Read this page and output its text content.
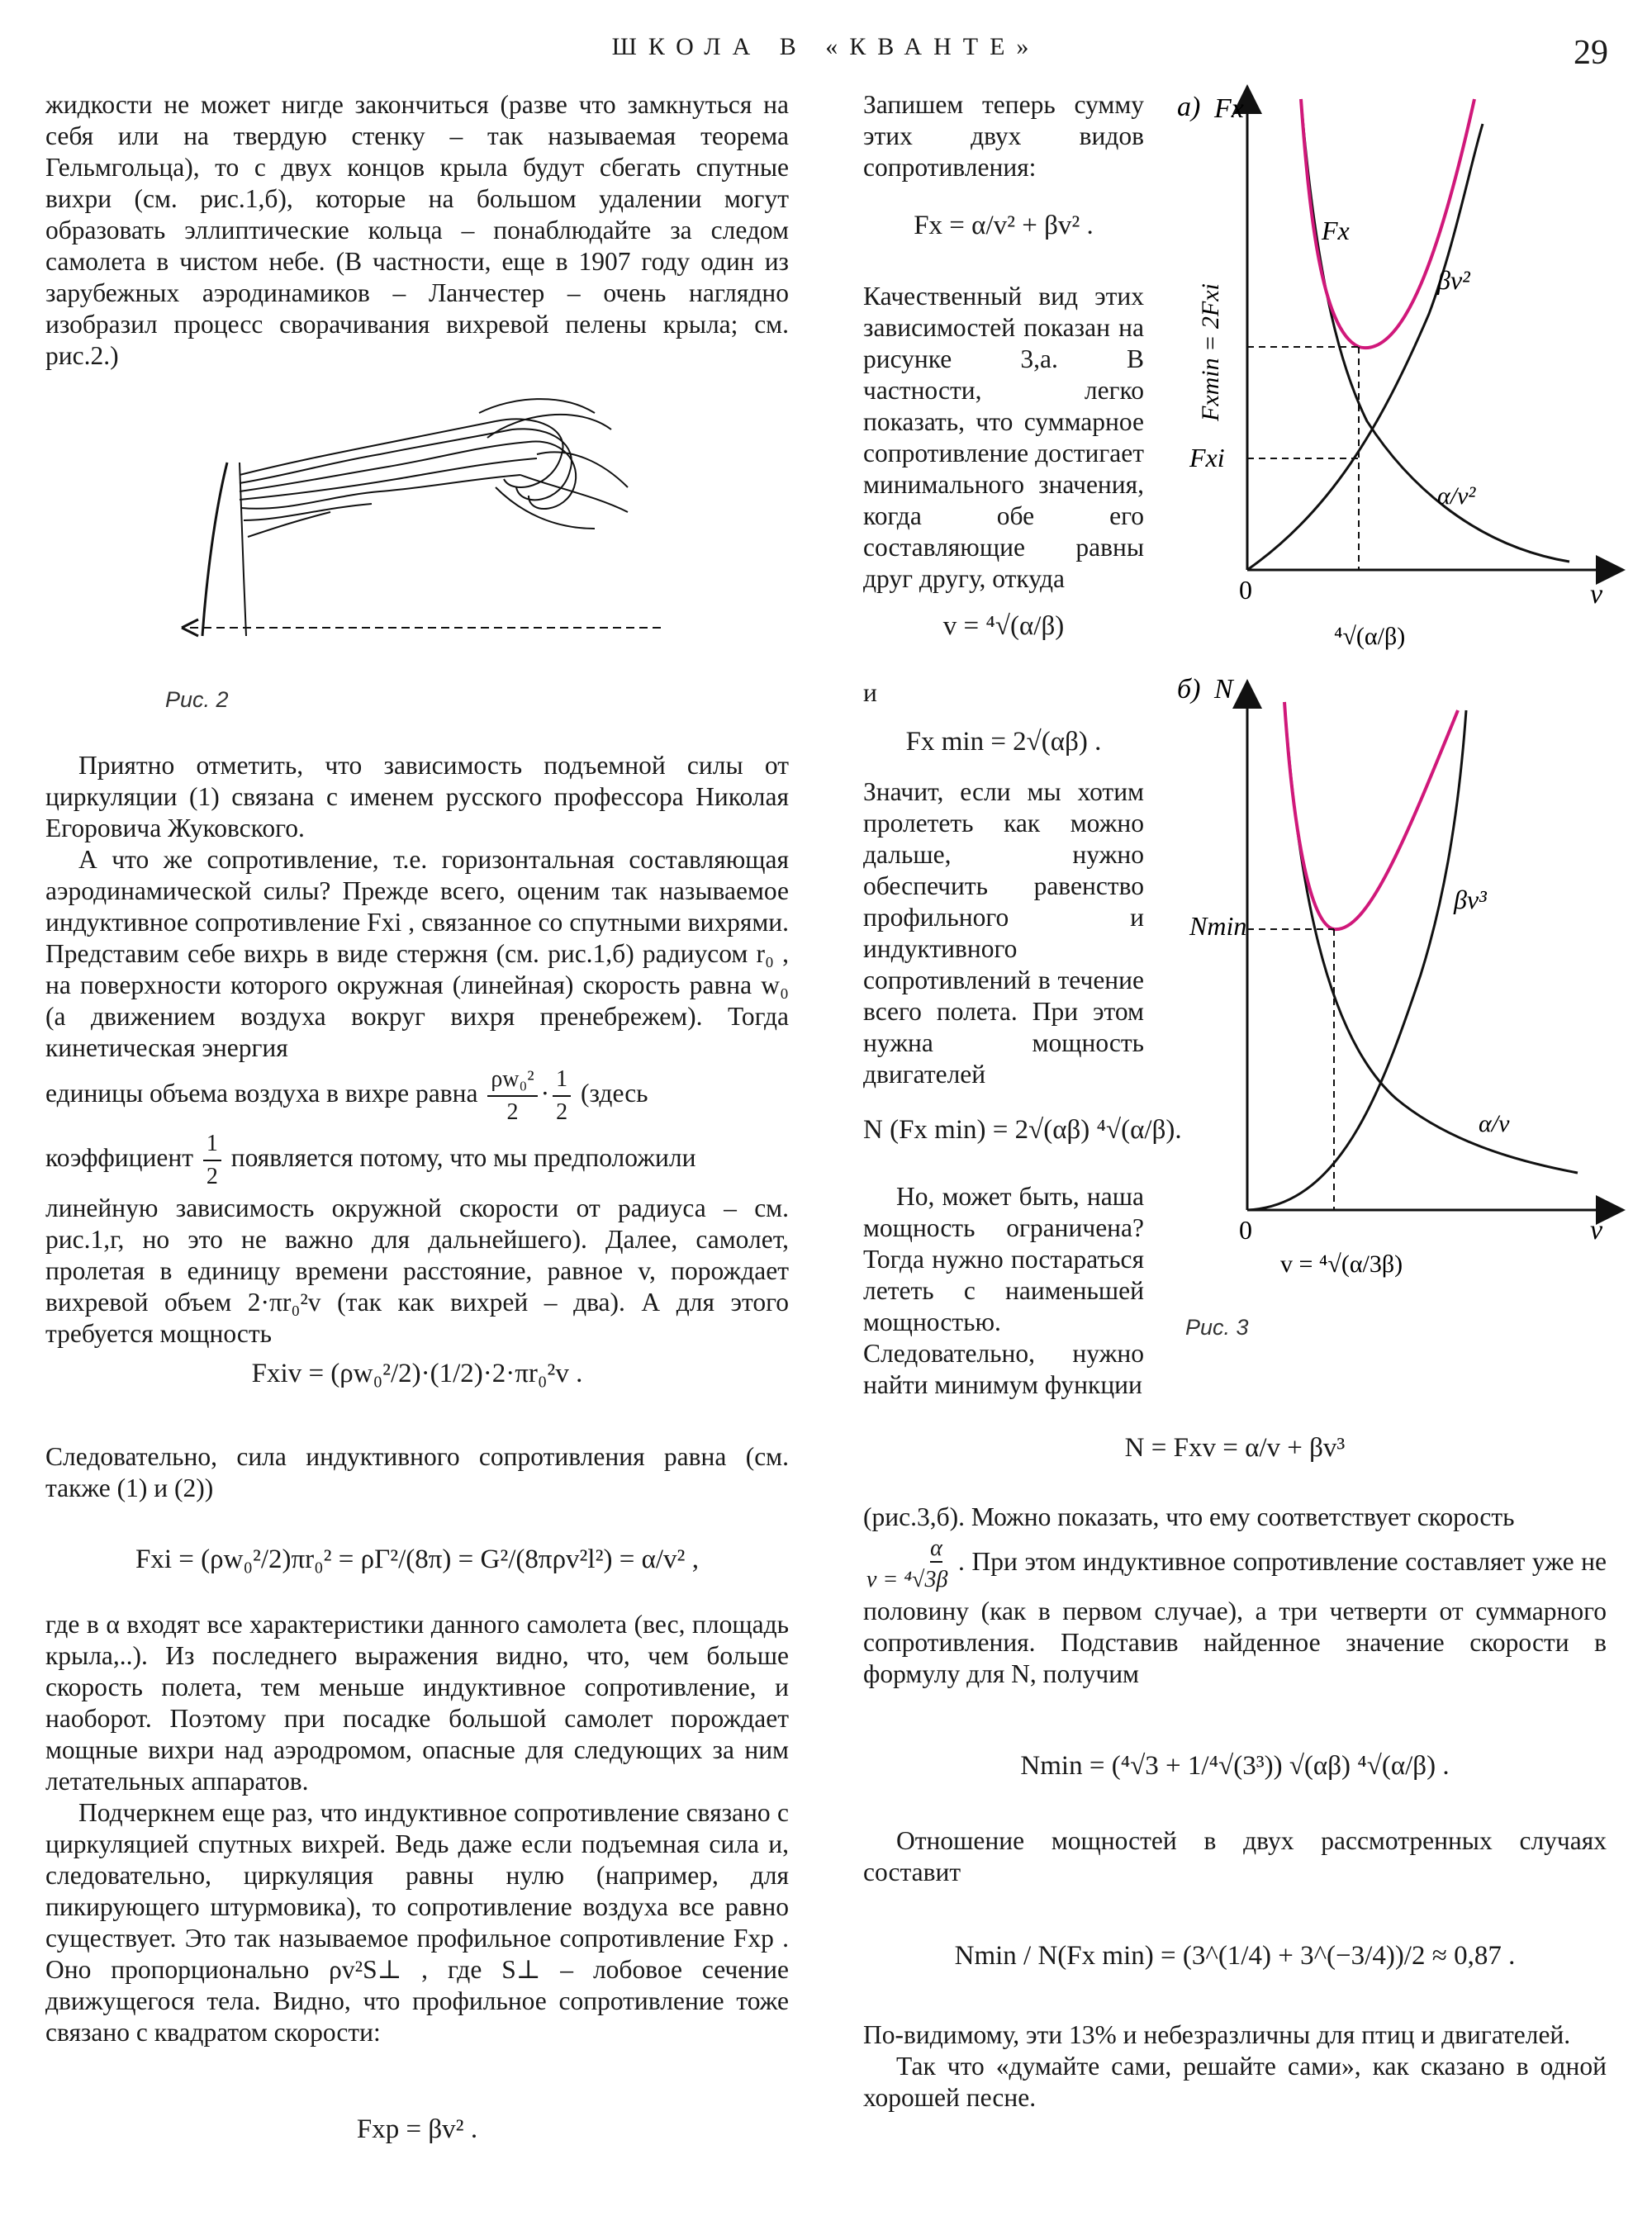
ШКОЛА В «КВАНТЕ»	29

жидкости не может нигде закончиться (разве что замкнуться на себя или на твердую стенку – так называемая теорема Гельмгольца), то с двух концов крыла будут сбегать спутные вихри (см. рис.1,б), которые на большом удалении могут образовать эллиптические кольца – понаблюдайте за следом самолета в чистом небе. (В частности, еще в 1907 году один из зарубежных аэродинамиков – Ланчестер – очень наглядно изобразил процесс сворачивания вихревой пелены крыла; см. рис.2.)

Рис. 2

Приятно отметить, что зависимость подъемной силы от циркуляции (1) связана с именем русского профессора Николая Егоровича Жуковского.

А что же сопротивление, т.е. горизонтальная составляющая аэродинамической силы? Прежде всего, оценим так называемое индуктивное сопротивление Fxi , связанное со спутными вихрями. Представим себе вихрь в виде стержня (см. рис.1,б) радиусом r₀ , на поверхности которого окружная (линейная) скорость равна w₀ (а движением воздуха вокруг вихря пренебрежем). Тогда кинетическая энергия

единицы объема воздуха в вихре равна $\frac{\text{ρw₀²}}{2} \cdot \frac{1}{2}$ (здесь

коэффициент $\frac{1}{2}$ появляется потому, что мы предположили

линейную зависимость окружной скорости от радиуса – см. рис.1,г, но это не важно для дальнейшего). Далее, самолет, пролетая в единицу времени расстояние, равное v, порождает вихревой объем 2·πr₀²v (так как вихрей – два). А для этого требуется мощность

Fxiv = (ρw₀²/2)·(1/2)·2·πr₀²v .

Следовательно, сила индуктивного сопротивления равна (см. также (1) и (2))

Fxi = (ρw₀²/2)πr₀² = ρΓ²/(8π) = G²/(8πρv²l²) = α/v² ,

где в α входят все характеристики данного самолета (вес, площадь крыла,..). Из последнего выражения видно, что, чем больше скорость полета, тем меньше индуктивное сопротивление, и наоборот. Поэтому при посадке большой самолет порождает мощные вихри над аэродромом, опасные для следующих за ним летательных аппаратов.

Подчеркнем еще раз, что индуктивное сопротивление связано с циркуляцией спутных вихрей. Ведь даже если подъемная сила и, следовательно, циркуляция равны нулю (например, для пикирующего штурмовика), то сопротивление воздуха все равно существует. Это так называемое профильное сопротивление Fxp . Оно пропорционально ρv²S⊥ , где S⊥ – лобовое сечение движущегося тела. Видно, что профильное сопротивление тоже связано с квадратом скорости:

Fxp = βv² .

Запишем теперь сумму этих двух видов сопротивления:

Fx = α/v² + βv² .

Качественный вид этих зависимостей показан на рисунке 3,а. В частности, легко показать, что суммарное сопротивление достигает минимального значения, когда обе его составляющие равны друг другу, откуда

v = ⁴√(α/β)
и
Fx min = 2√(αβ) .

Значит, если мы хотим пролететь как можно дальше, нужно обеспечить равенство профильного и индуктивного сопротивлений в течение всего полета. При этом нужна мощность двигателей

N (Fx min) = 2√(αβ) ⁴√(α/β).

Но, может быть, наша мощность ограничена? Тогда нужно постараться лететь с наименьшей мощностью. Следовательно, нужно найти минимум функции

а) Fx
v
0
Fx
βv²
α/v²
Fxi
Fxmin = 2Fxi
⁴√(α/β)
б) N
v
0
βv³
α/v
Nmin
v = ⁴√(α/3β)
Рис. 3
N = Fxv = α/v + βv³

(рис.3,б). Можно показать, что ему соответствует скорость

v = ⁴√α
3β . При этом индуктивное сопротивление составляет уже не половину (как в первом случае), а три четверти от суммарного сопротивления. Подставив найденное значение скорости в формулу для N, получим

Nmin = (⁴√3 + 1/⁴√(3³)) √(αβ) ⁴√(α/β) .

Отношение мощностей в двух рассмотренных случаях составит

Nmin / N(Fx min) = (3^(1/4) + 3^(−3/4))/2 ≈ 0,87 .

По-видимому, эти 13% и небезразличны для птиц и двигателей.

Так что «думайте сами, решайте сами», как сказано в одной хорошей песне.
